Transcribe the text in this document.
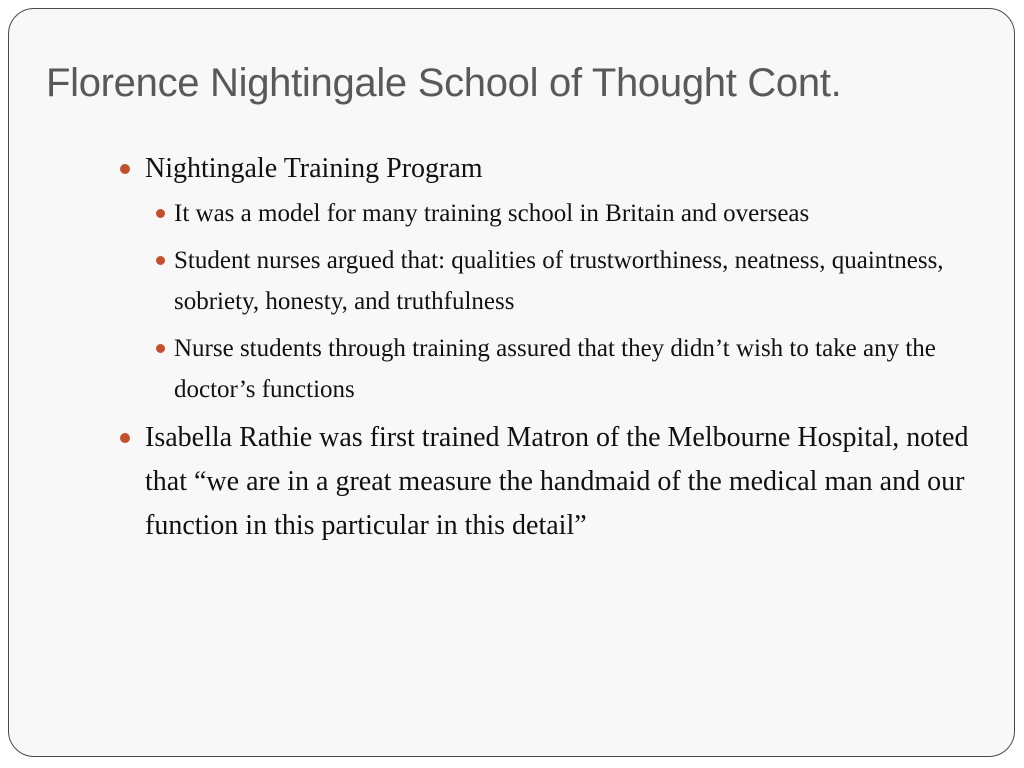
Florence Nightingale School of Thought Cont.
Nightingale Training Program
It was a model for many training school in Britain and overseas
Student nurses argued that: qualities of trustworthiness, neatness, quaintness, sobriety, honesty, and truthfulness
Nurse students through training assured that they didn’t wish to take any the doctor’s functions
Isabella Rathie was first trained Matron of the Melbourne Hospital, noted that “we are in a great measure the handmaid of the medical man and our function in this particular in this detail”
